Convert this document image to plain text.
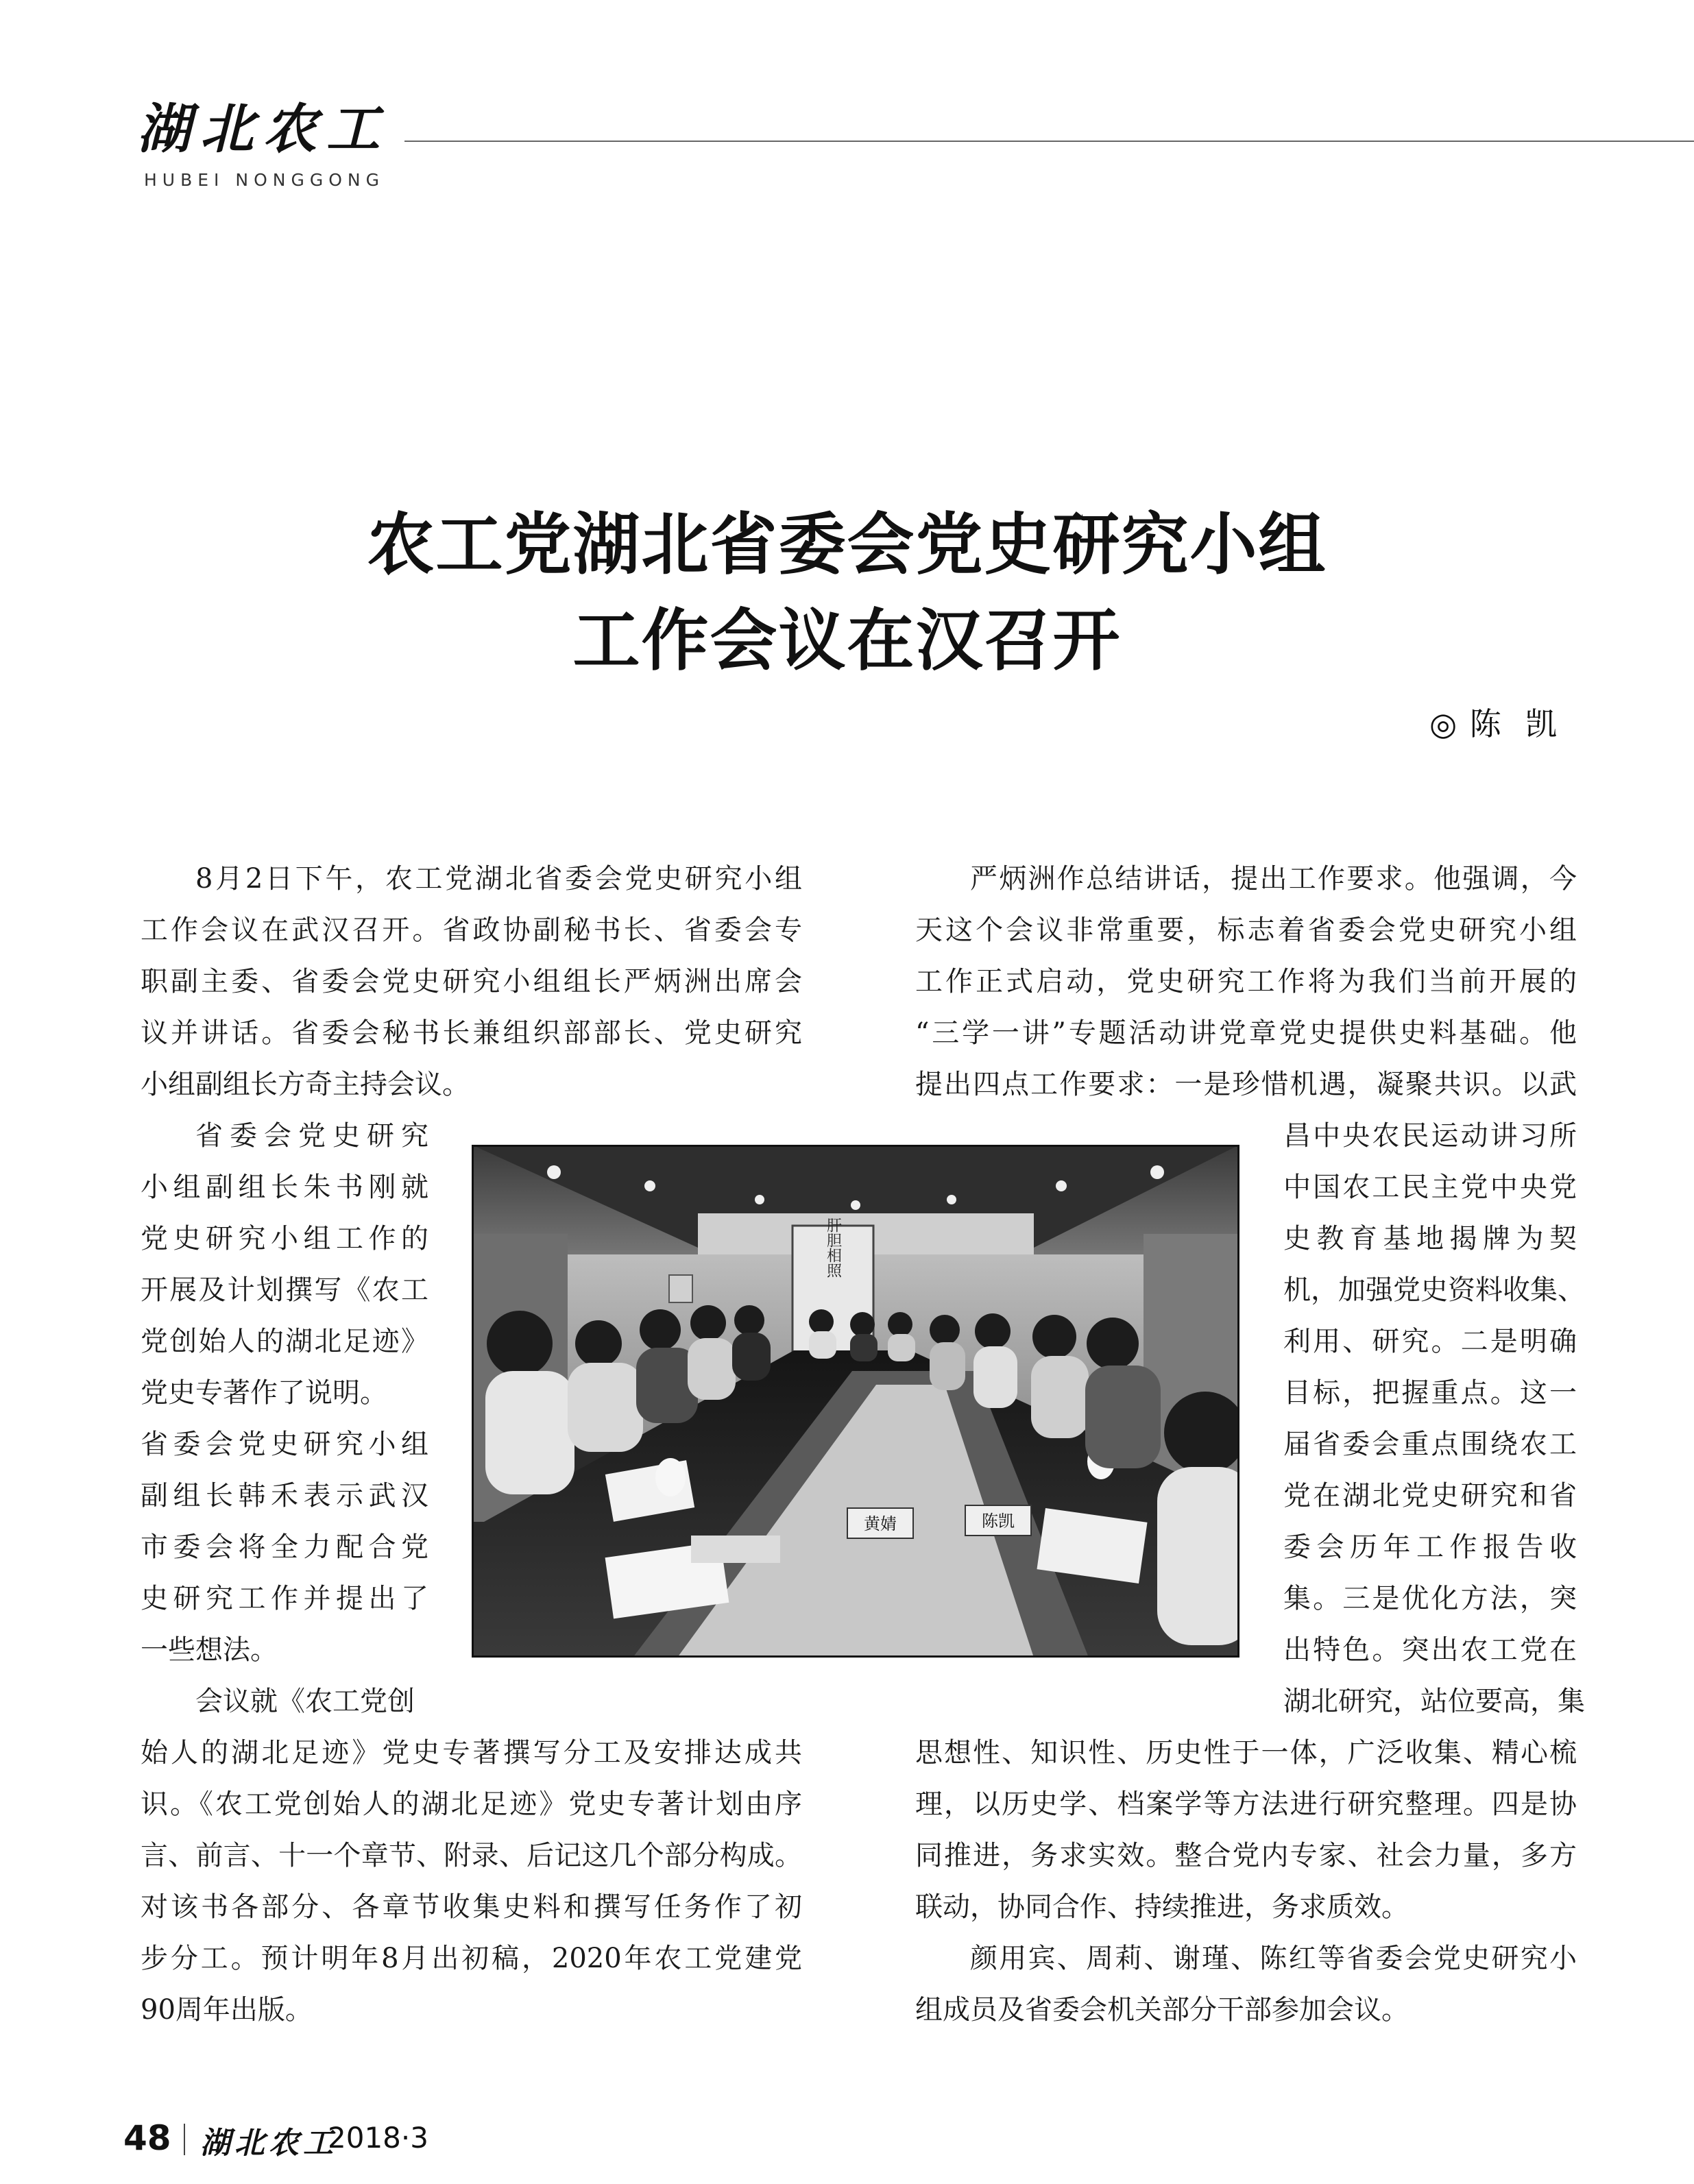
湖北农工
HUBEI NONGGONG
农工党湖北省委会党史研究小组
工作会议在汉召开
◎ 陈  凯
8月2日下午，农工党湖北省委会党史研究小组
工作会议在武汉召开。省政协副秘书长、省委会专
职副主委、省委会党史研究小组组长严炳洲出席会
议并讲话。省委会秘书长兼组织部部长、党史研究
小组副组长方奇主持会议。
省委会党史研究
小组副组长朱书刚就
党史研究小组工作的
开展及计划撰写《农工
党创始人的湖北足迹》
党史专著作了说明。
省委会党史研究小组
副组长韩禾表示武汉
市委会将全力配合党
史研究工作并提出了
一些想法。
会议就《农工党创
始人的湖北足迹》党史专著撰写分工及安排达成共
识。《农工党创始人的湖北足迹》党史专著计划由序
言、前言、十一个章节、附录、后记这几个部分构成。
对该书各部分、各章节收集史料和撰写任务作了初
步分工。预计明年8月出初稿，2020年农工党建党
90周年出版。
严炳洲作总结讲话，提出工作要求。他强调，今
天这个会议非常重要，标志着省委会党史研究小组
工作正式启动，党史研究工作将为我们当前开展的
“三学一讲”专题活动讲党章党史提供史料基础。他
提出四点工作要求：一是珍惜机遇，凝聚共识。以武
昌中央农民运动讲习所
中国农工民主党中央党
史教育基地揭牌为契
机，加强党史资料收集、
利用、研究。二是明确
目标，把握重点。这一
届省委会重点围绕农工
党在湖北党史研究和省
委会历年工作报告收
集。三是优化方法，突
出特色。突出农工党在
湖北研究，站位要高，集
思想性、知识性、历史性于一体，广泛收集、精心梳
理，以历史学、档案学等方法进行研究整理。四是协
同推进，务求实效。整合党内专家、社会力量，多方
联动，协同合作、持续推进，务求质效。
颜用宾、周莉、谢瑾、陈红等省委会党史研究小
组成员及省委会机关部分干部参加会议。
肝胆相照
黄婧	陈凯
48 湖北农工
2018·3
